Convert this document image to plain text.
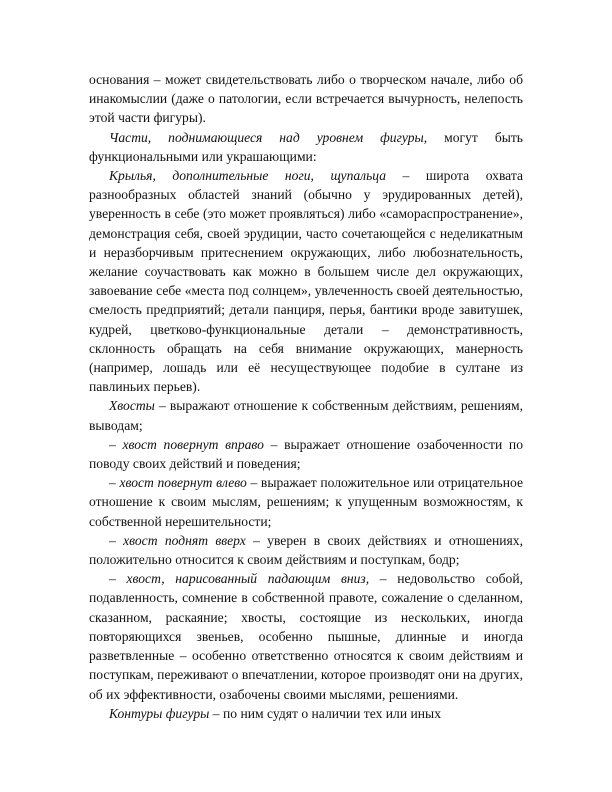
основания – может свидетельствовать либо о творческом начале, либо об инакомыслии (даже о патологии, если встречается вычурность, нелепость этой части фигуры).

Части, поднимающиеся над уровнем фигуры, могут быть функциональными или украшающими:

Крылья, дополнительные ноги, щупальца – широта охвата разнообразных областей знаний (обычно у эрудированных детей), уверенность в себе (это может проявляться) либо «самораспространение», демонстрация себя, своей эрудиции, часто сочетающейся с неделикатным и неразборчивым притеснением окружающих, либо любознательность, желание соучаствовать как можно в большем числе дел окружающих, завоевание себе «места под солнцем», увлеченность своей деятельностью, смелость предприятий; детали панциря, перья, бантики вроде завитушек, кудрей, цветково-функциональные детали – демонстративность, склонность обращать на себя внимание окружающих, манерность (например, лошадь или её несуществующее подобие в султане из павлиньих перьев).

Хвосты – выражают отношение к собственным действиям, решениям, выводам;

– хвост повернут вправо – выражает отношение озабоченности по поводу своих действий и поведения;

– хвост повернут влево – выражает положительное или отрицательное отношение к своим мыслям, решениям; к упущенным возможностям, к собственной нерешительности;

– хвост поднят вверх – уверен в своих действиях и отношениях, положительно относится к своим действиям и поступкам, бодр;

– хвост, нарисованный падающим вниз, – недовольство собой, подавленность, сомнение в собственной правоте, сожаление о сделанном, сказанном, раскаяние; хвосты, состоящие из нескольких, иногда повторяющихся звеньев, особенно пышные, длинные и иногда разветвленные – особенно ответственно относятся к своим действиям и поступкам, переживают о впечатлении, которое производят они на других, об их эффективности, озабочены своими мыслями, решениями.

Контуры фигуры – по ним судят о наличии тех или иных
